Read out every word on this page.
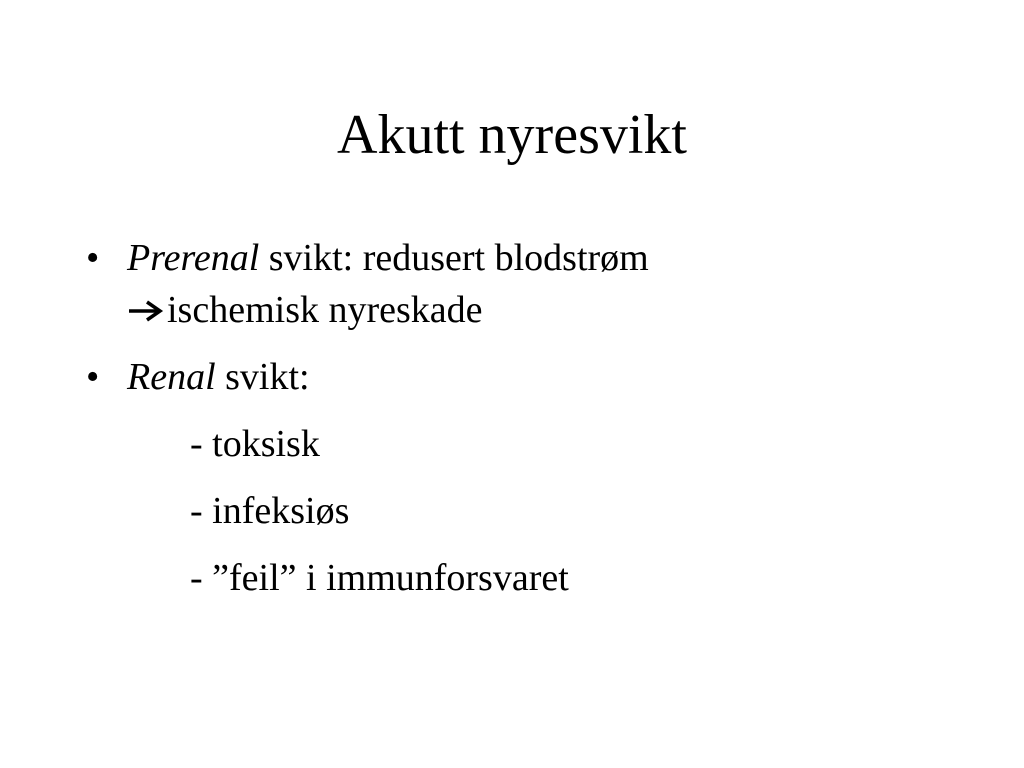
Akutt nyresvikt
• Prerenal svikt: redusert blodstrøm
ischemisk nyreskade
• Renal svikt:
- toksisk
- infeksiøs
- ”feil” i immunforsvaret
